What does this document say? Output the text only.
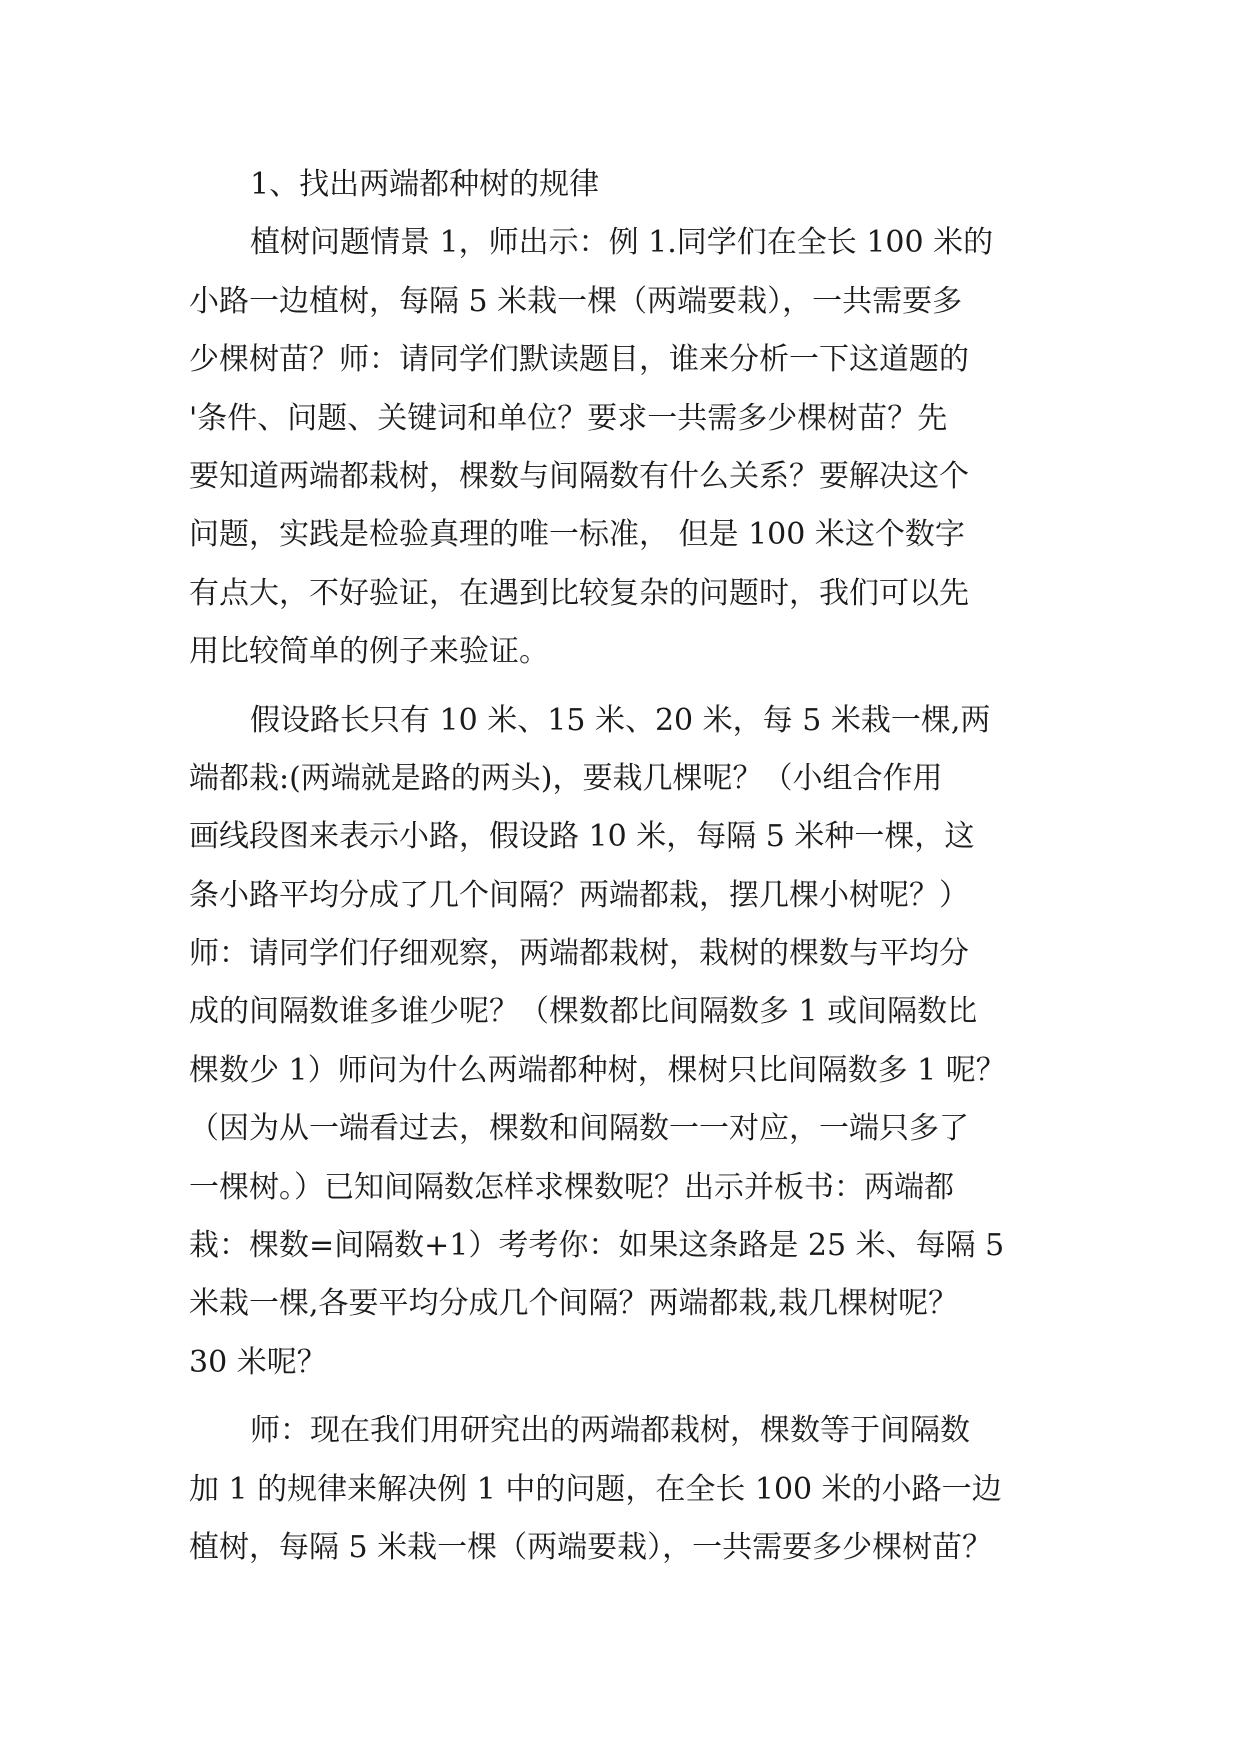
1、找出两端都种树的规律
植树问题情景 1，师出示：例 1.同学们在全长 100 米的
小路一边植树，每隔 5 米栽一棵（两端要栽），一共需要多
少棵树苗？师：请同学们默读题目，谁来分析一下这道题的
'条件、问题、关键词和单位？要求一共需多少棵树苗？先
要知道两端都栽树，棵数与间隔数有什么关系？要解决这个
问题，实践是检验真理的唯一标准， 但是 100 米这个数字
有点大，不好验证，在遇到比较复杂的问题时，我们可以先
用比较简单的例子来验证。
假设路长只有 10 米、15 米、20 米，每 5 米栽一棵,两
端都栽:(两端就是路的两头)，要栽几棵呢？（小组合作用
画线段图来表示小路，假设路 10 米，每隔 5 米种一棵，这
条小路平均分成了几个间隔？两端都栽，摆几棵小树呢？）
师：请同学们仔细观察，两端都栽树，栽树的棵数与平均分
成的间隔数谁多谁少呢？（棵数都比间隔数多 1 或间隔数比
棵数少 1）师问为什么两端都种树，棵树只比间隔数多 1 呢？
（因为从一端看过去，棵数和间隔数一一对应，一端只多了
一棵树。）已知间隔数怎样求棵数呢？出示并板书：两端都
栽：棵数=间隔数+1）考考你：如果这条路是 25 米、每隔 5
米栽一棵,各要平均分成几个间隔？两端都栽,栽几棵树呢？
30 米呢？
师：现在我们用研究出的两端都栽树，棵数等于间隔数
加 1 的规律来解决例 1 中的问题，在全长 100 米的小路一边
植树，每隔 5 米栽一棵（两端要栽），一共需要多少棵树苗？
